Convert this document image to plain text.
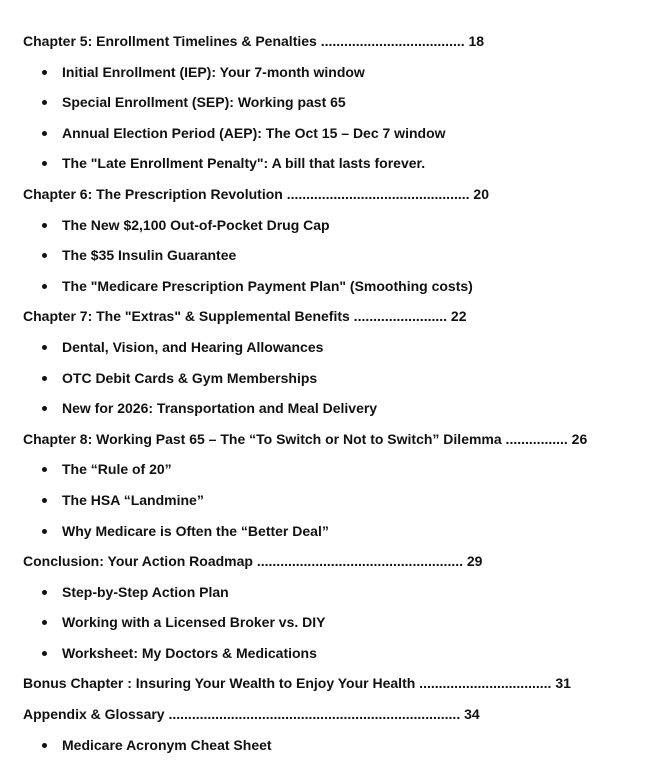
Chapter 5: Enrollment Timelines & Penalties ..................................... 18
Initial Enrollment (IEP): Your 7-month window
Special Enrollment (SEP): Working past 65
Annual Election Period (AEP): The Oct 15 – Dec 7 window
The "Late Enrollment Penalty": A bill that lasts forever.
Chapter 6: The Prescription Revolution ............................................... 20
The New $2,100 Out-of-Pocket Drug Cap
The $35 Insulin Guarantee
The "Medicare Prescription Payment Plan" (Smoothing costs)
Chapter 7: The "Extras" & Supplemental Benefits ........................ 22
Dental, Vision, and Hearing Allowances
OTC Debit Cards & Gym Memberships
New for 2026: Transportation and Meal Delivery
Chapter 8: Working Past 65 – The “To Switch or Not to Switch” Dilemma ................ 26
The “Rule of 20”
The HSA “Landmine”
Why Medicare is Often the “Better Deal”
Conclusion: Your Action Roadmap ..................................................... 29
Step-by-Step Action Plan
Working with a Licensed Broker vs. DIY
Worksheet: My Doctors & Medications
Bonus Chapter : Insuring Your Wealth to Enjoy Your Health .................................. 31
Appendix & Glossary ........................................................................... 34
Medicare Acronym Cheat Sheet
